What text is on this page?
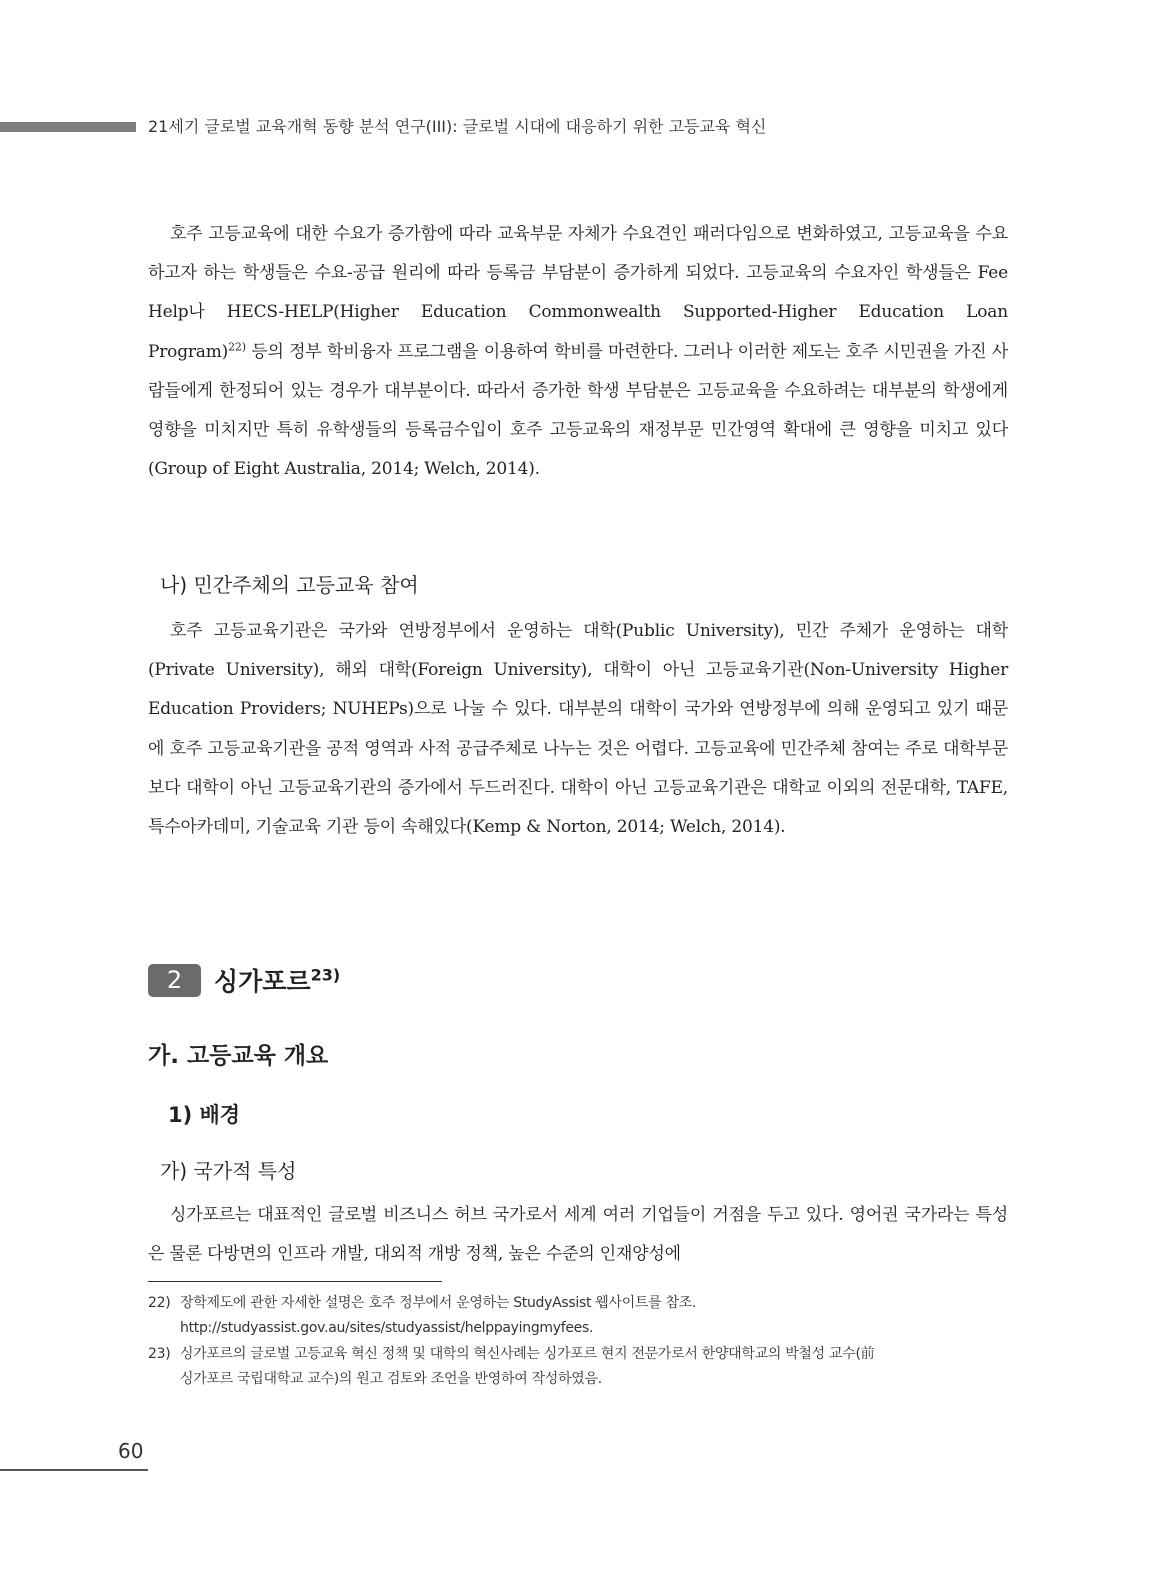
21세기 글로벌 교육개혁 동향 분석 연구(III): 글로벌 시대에 대응하기 위한 고등교육 혁신

호주 고등교육에 대한 수요가 증가함에 따라 교육부문 자체가 수요견인 패러다임으로 변화하였고, 고등교육을 수요하고자 하는 학생들은 수요-공급 원리에 따라 등록금 부담분이 증가하게 되었다. 고등교육의 수요자인 학생들은 Fee Help나 HECS-HELP(Higher Education Commonwealth Supported-Higher Education Loan Program)$^{22)}$ 등의 정부 학비융자 프로그램을 이용하여 학비를 마련한다. 그러나 이러한 제도는 호주 시민권을 가진 사람들에게 한정되어 있는 경우가 대부분이다. 따라서 증가한 학생 부담분은 고등교육을 수요하려는 대부분의 학생에게 영향을 미치지만 특히 유학생들의 등록금수입이 호주 고등교육의 재정부문 민간영역 확대에 큰 영향을 미치고 있다(Group of Eight Australia, 2014; Welch, 2014).

나) 민간주체의 고등교육 참여

호주 고등교육기관은 국가와 연방정부에서 운영하는 대학(Public University), 민간 주체가 운영하는 대학(Private University), 해외 대학(Foreign University), 대학이 아닌 고등교육기관(Non-University Higher Education Providers; NUHEPs)으로 나눌 수 있다. 대부분의 대학이 국가와 연방정부에 의해 운영되고 있기 때문에 호주 고등교육기관을 공적 영역과 사적 공급주체로 나누는 것은 어렵다. 고등교육에 민간주체 참여는 주로 대학부문보다 대학이 아닌 고등교육기관의 증가에서 두드러진다. 대학이 아닌 고등교육기관은 대학교 이외의 전문대학, TAFE, 특수아카데미, 기술교육 기관 등이 속해있다(Kemp & Norton, 2014; Welch, 2014).

2	싱가포르$^{23)}$
가. 고등교육 개요
1) 배경
가) 국가적 특성

싱가포르는 대표적인 글로벌 비즈니스 허브 국가로서 세계 여러 기업들이 거점을 두고 있다. 영어권 국가라는 특성은 물론 다방면의 인프라 개발, 대외적 개방 정책, 높은 수준의 인재양성에

22) 장학제도에 관한 자세한 설명은 호주 정부에서 운영하는 StudyAssist 웹사이트를 참조.
http://studyassist.gov.au/sites/studyassist/helppayingmyfees.
23) 싱가포르의 글로벌 고등교육 혁신 정책 및 대학의 혁신사례는 싱가포르 현지 전문가로서 한양대학교의 박철성 교수(前
싱가포르 국립대학교 교수)의 원고 검토와 조언을 반영하여 작성하였음.
60
